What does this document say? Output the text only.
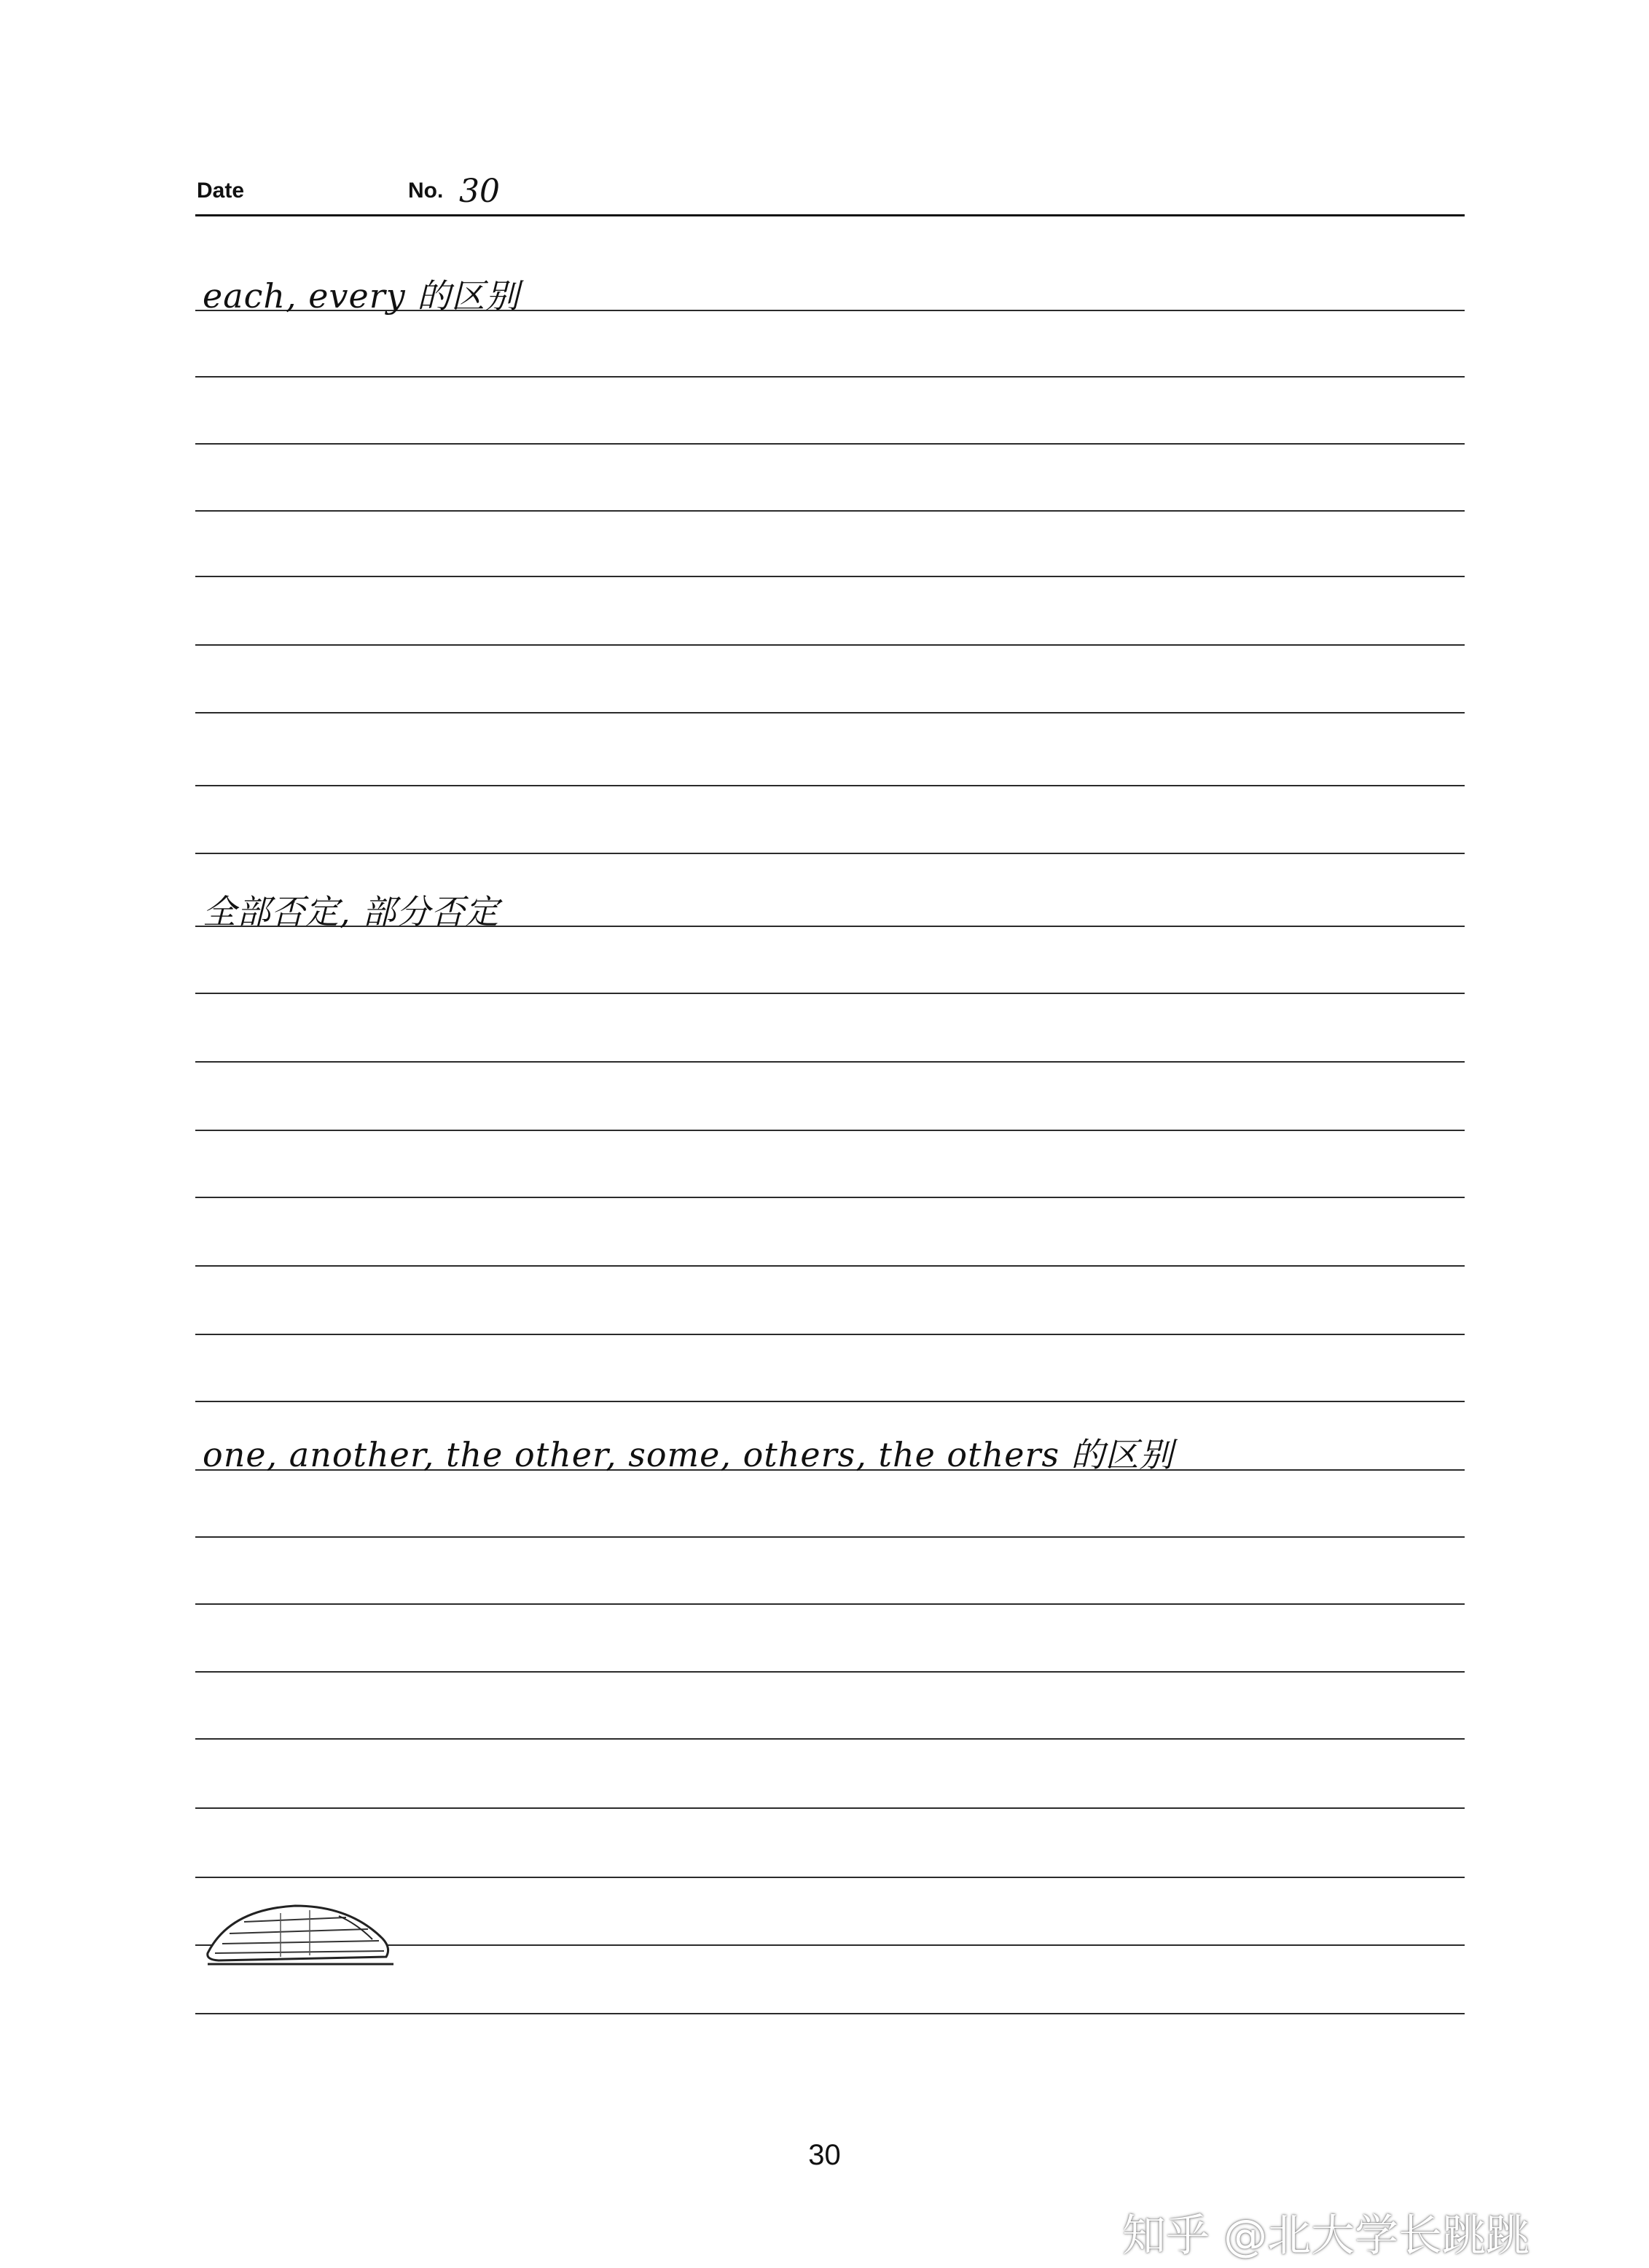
Date	No. 30
each, every 的区别
全部否定, 部分否定
one, another, the other, some, others, the others 的区别
30
知乎 @北大学长跳跳
